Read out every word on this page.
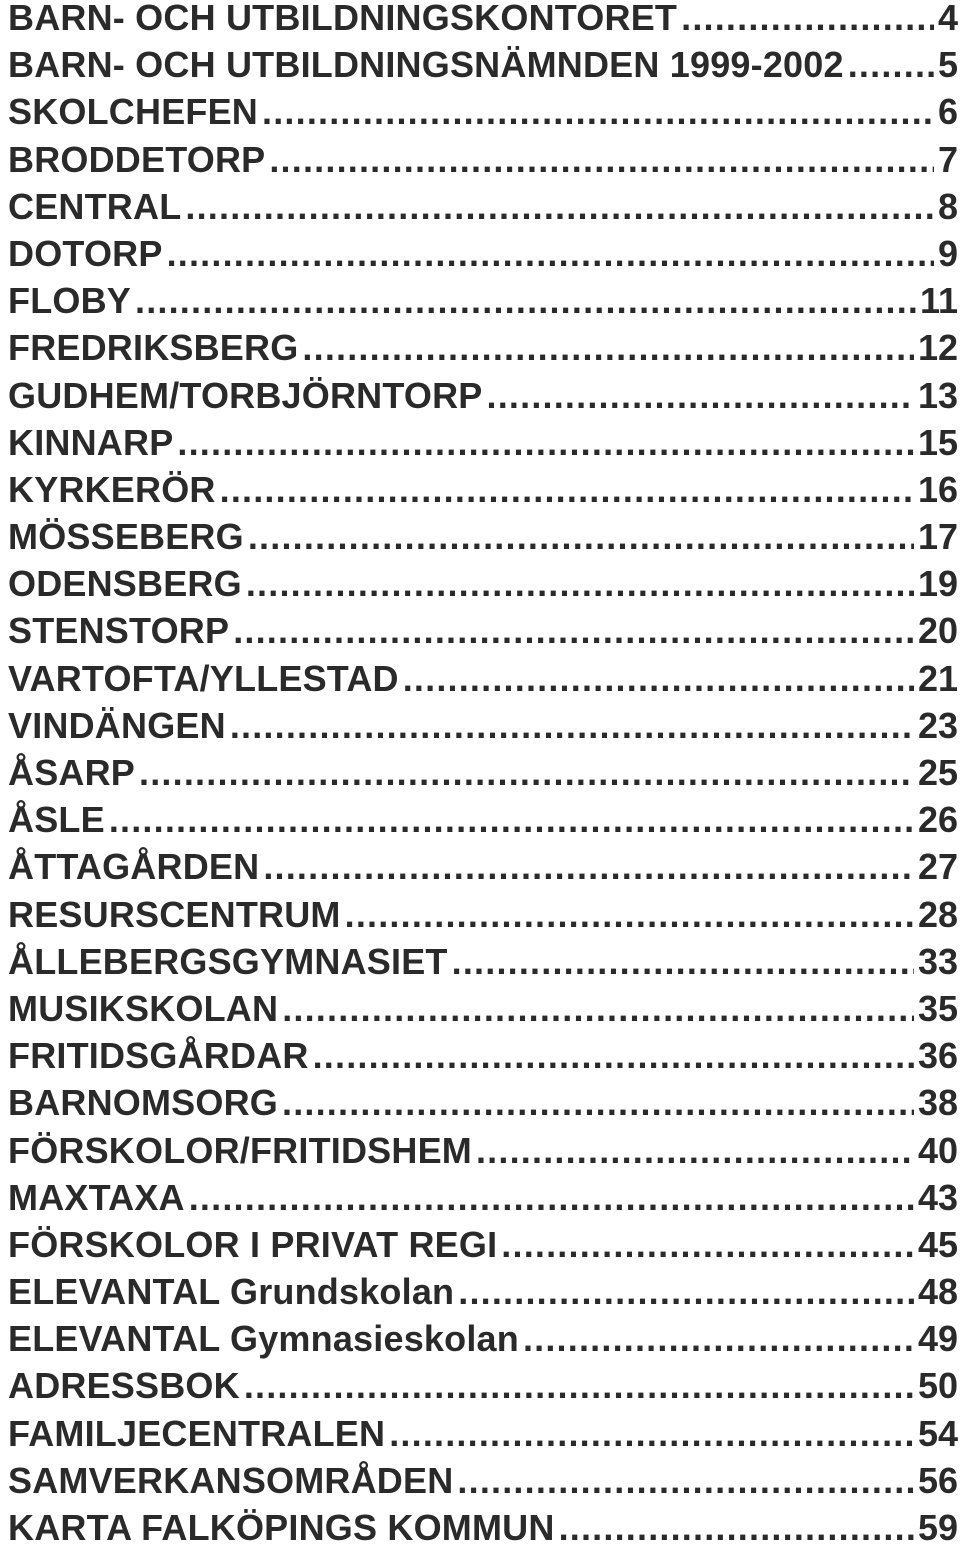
BARN- OCH UTBILDNINGSKONTORET .....	4
BARN- OCH UTBILDNINGSNÄMNDEN 1999-2002 .....	5
SKOLCHEFEN .....	6
BRODDETORP .....	7
CENTRAL .....	8
DOTORP .....	9
FLOBY .....	11
FREDRIKSBERG .....	12
GUDHEM/TORBJÖRNTORP .....	13
KINNARP .....	15
KYRKERÖR .....	16
MÖSSEBERG .....	17
ODENSBERG .....	19
STENSTORP .....	20
VARTOFTA/YLLESTAD .....	21
VINDÄNGEN .....	23
ÅSARP .....	25
ÅSLE .....	26
ÅTTAGÅRDEN .....	27
RESURSCENTRUM .....	28
ÅLLEBERGSGYMNASIET .....	33
MUSIKSKOLAN .....	35
FRITIDSGÅRDAR .....	36
BARNOMSORG .....	38
FÖRSKOLOR/FRITIDSHEM .....	40
MAXTAXA .....	43
FÖRSKOLOR I PRIVAT REGI .....	45
ELEVANTAL Grundskolan .....	48
ELEVANTAL Gymnasieskolan .....	49
ADRESSBOK .....	50
FAMILJECENTRALEN .....	54
SAMVERKANSOMRÅDEN .....	56
KARTA FALKÖPINGS KOMMUN .....	59
